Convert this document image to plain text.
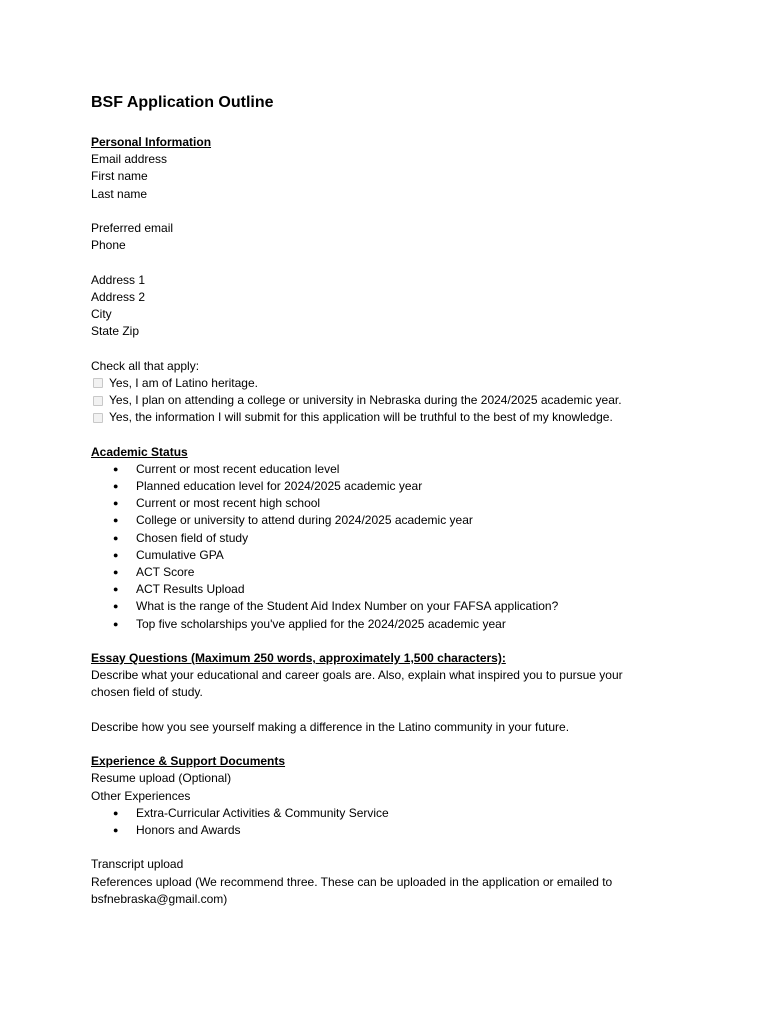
BSF Application Outline
Personal Information
Email address
First name
Last name
Preferred email
Phone
Address 1
Address 2
City
State Zip
Check all that apply:
Yes, I am of Latino heritage.
Yes, I plan on attending a college or university in Nebraska during the 2024/2025 academic year.
Yes, the information I will submit for this application will be truthful to the best of my knowledge.
Academic Status
● Current or most recent education level
● Planned education level for 2024/2025 academic year
● Current or most recent high school
● College or university to attend during 2024/2025 academic year
● Chosen field of study
● Cumulative GPA
● ACT Score
● ACT Results Upload
● What is the range of the Student Aid Index Number on your FAFSA application?
● Top five scholarships you've applied for the 2024/2025 academic year
Essay Questions (Maximum 250 words, approximately 1,500 characters):
Describe what your educational and career goals are. Also, explain what inspired you to pursue your chosen field of study.
Describe how you see yourself making a difference in the Latino community in your future.
Experience & Support Documents
Resume upload (Optional)
Other Experiences
● Extra-Curricular Activities & Community Service
● Honors and Awards
Transcript upload
References upload (We recommend three. These can be uploaded in the application or emailed to bsfnebraska@gmail.com)
